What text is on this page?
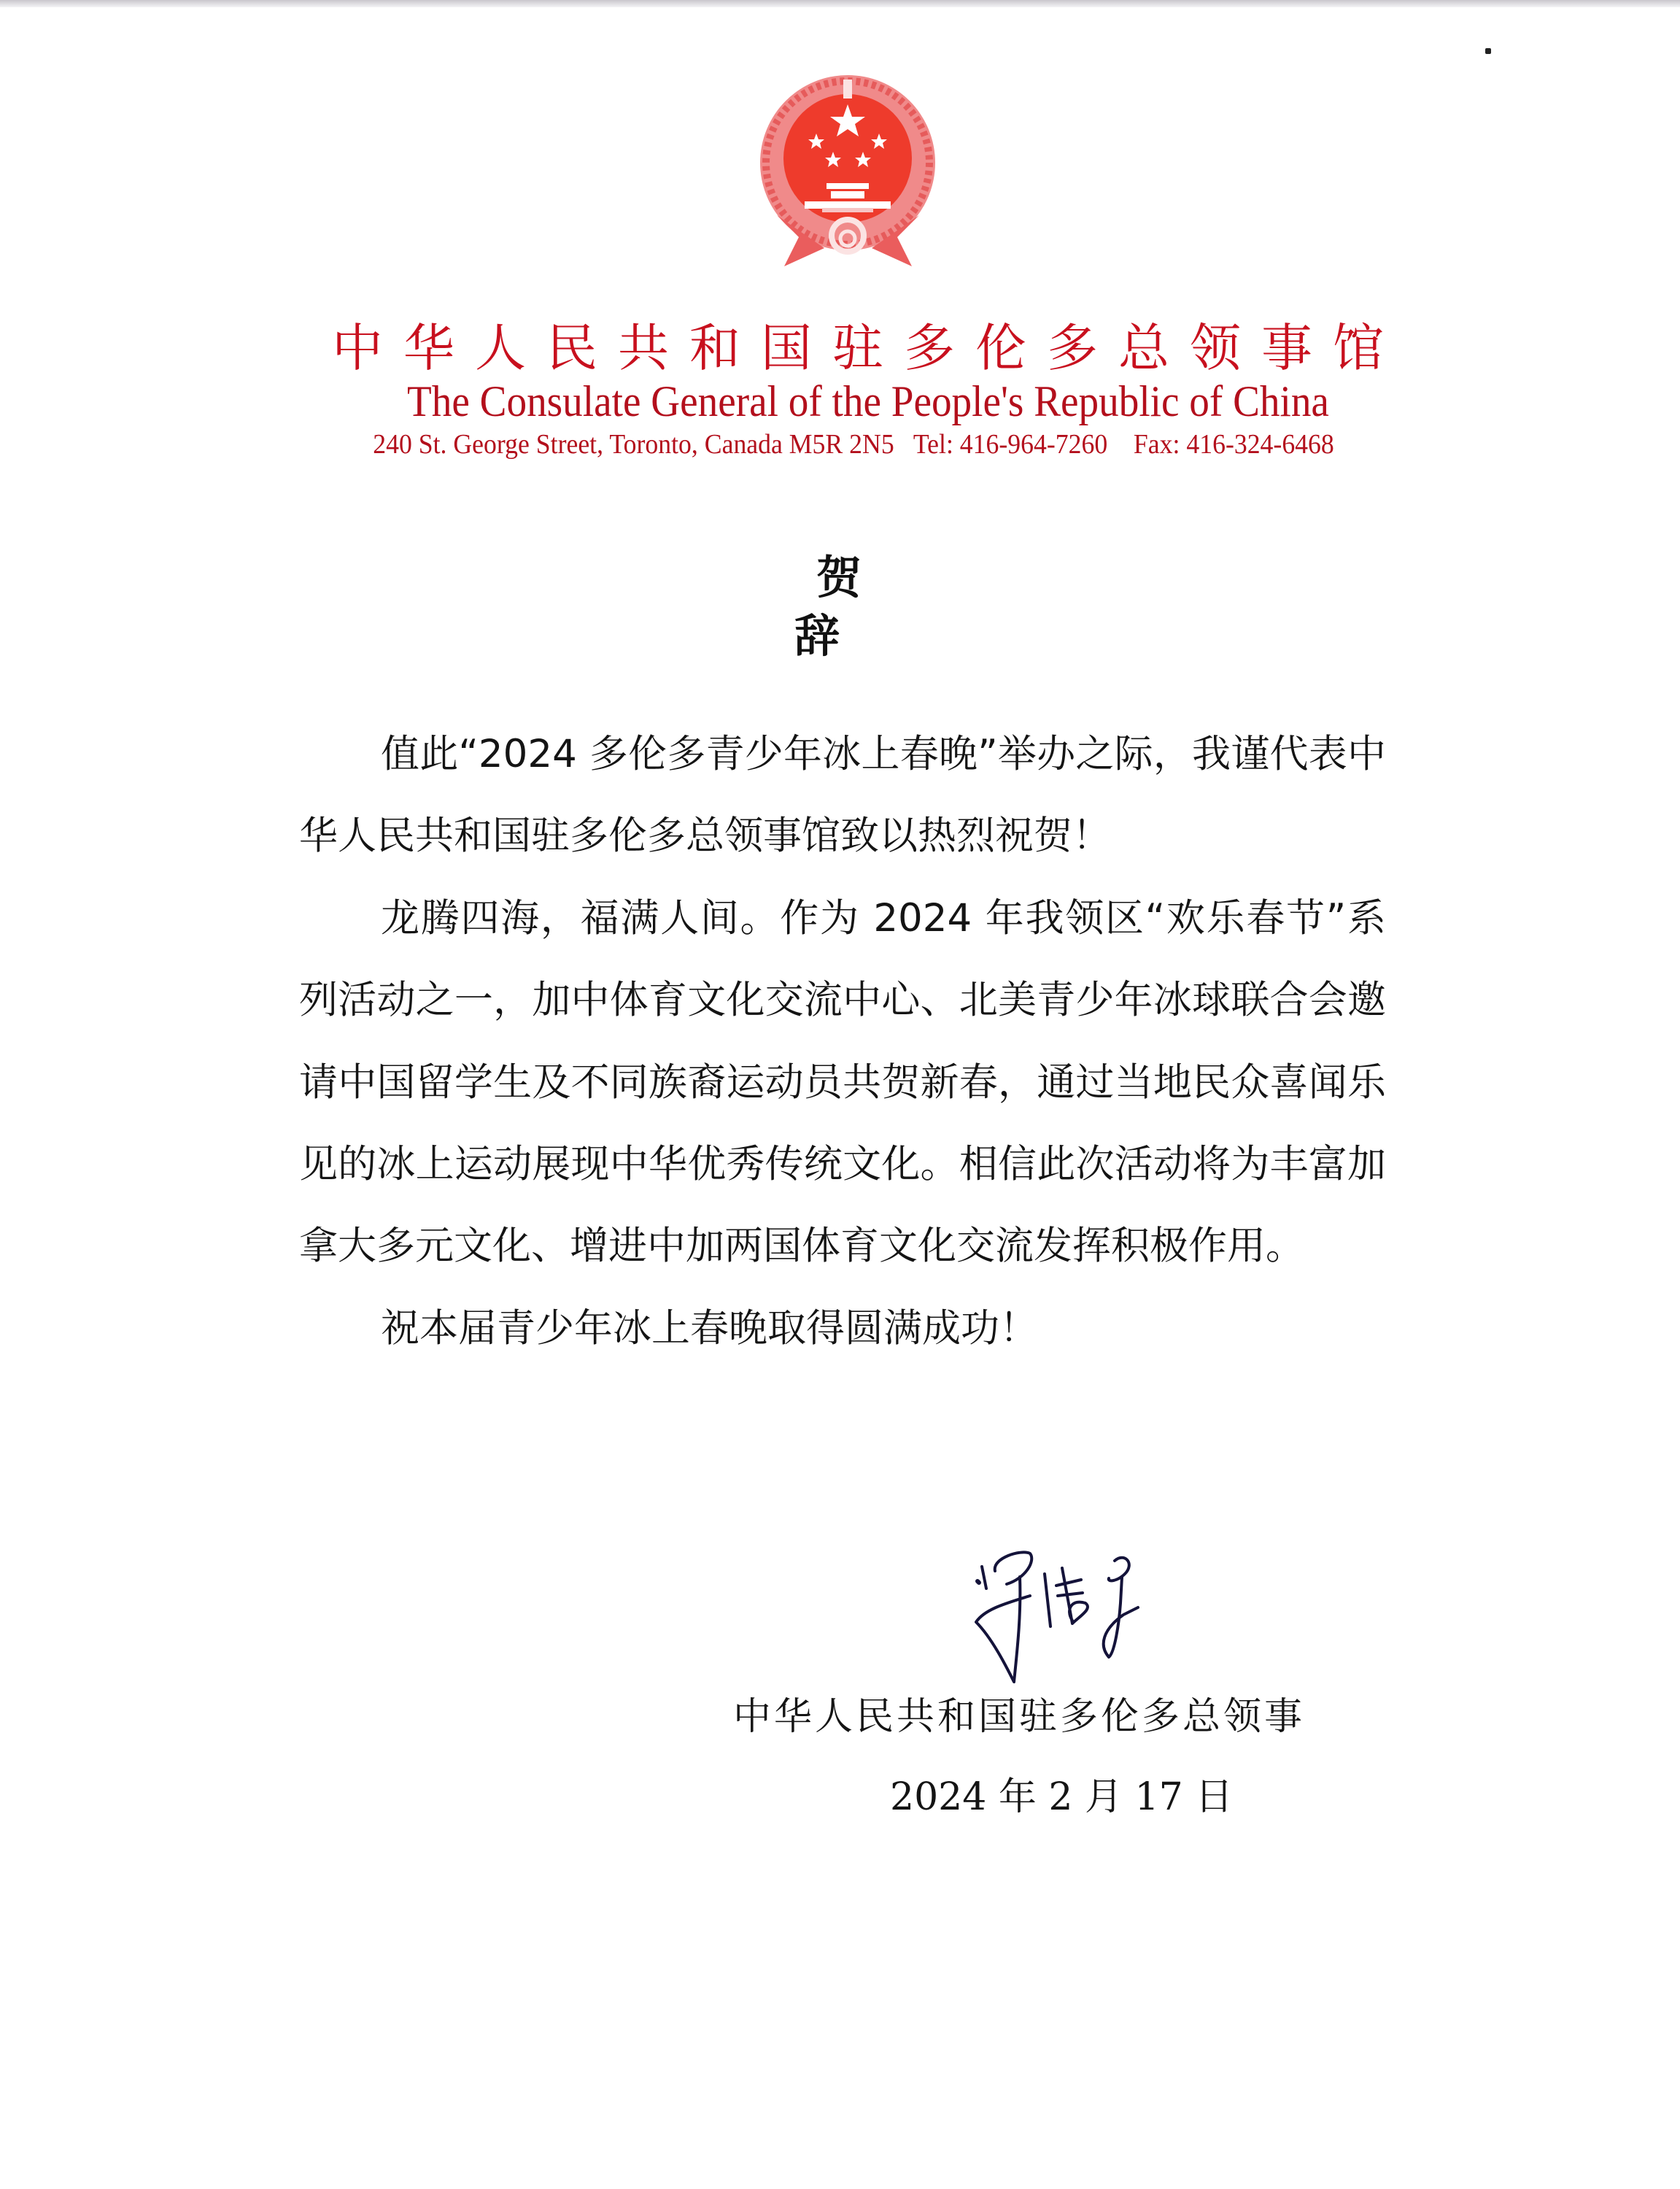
中华人民共和国驻多伦多总领事馆
The Consulate General of the People's Republic of China
240 St. George Street, Toronto, Canada M5R 2N5 Tel: 416-964-7260 Fax: 416-324-6468
贺辞

值此“2024 多伦多青少年冰上春晚”举办之际，我谨代表中华人民共和国驻多伦多总领事馆致以热烈祝贺！

龙腾四海，福满人间。作为 2024 年我领区“欢乐春节”系列活动之一，加中体育文化交流中心、北美青少年冰球联合会邀请中国留学生及不同族裔运动员共贺新春，通过当地民众喜闻乐见的冰上运动展现中华优秀传统文化。相信此次活动将为丰富加拿大多元文化、增进中加两国体育文化交流发挥积极作用。

祝本届青少年冰上春晚取得圆满成功！

中华人民共和国驻多伦多总领事
2024 年 2 月 17 日
